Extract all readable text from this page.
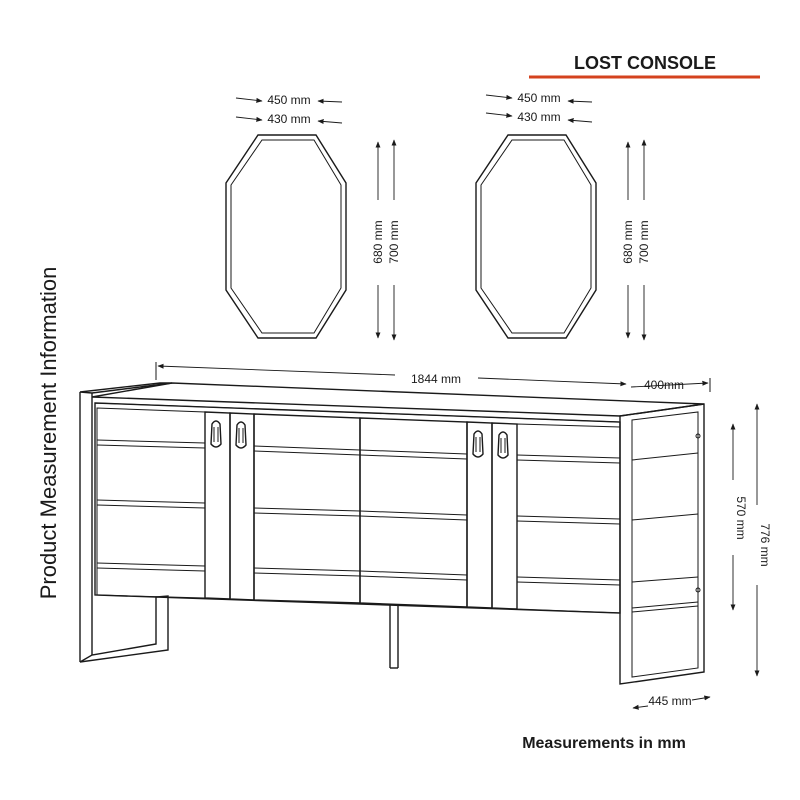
LOST CONSOLE
Product Measurement Information
450 mm
430 mm
680 mm 700 mm
450 mm
430 mm
680 mm 700 mm
1844 mm	400mm
570 mm
776 mm
445 mm
Measurements in mm
